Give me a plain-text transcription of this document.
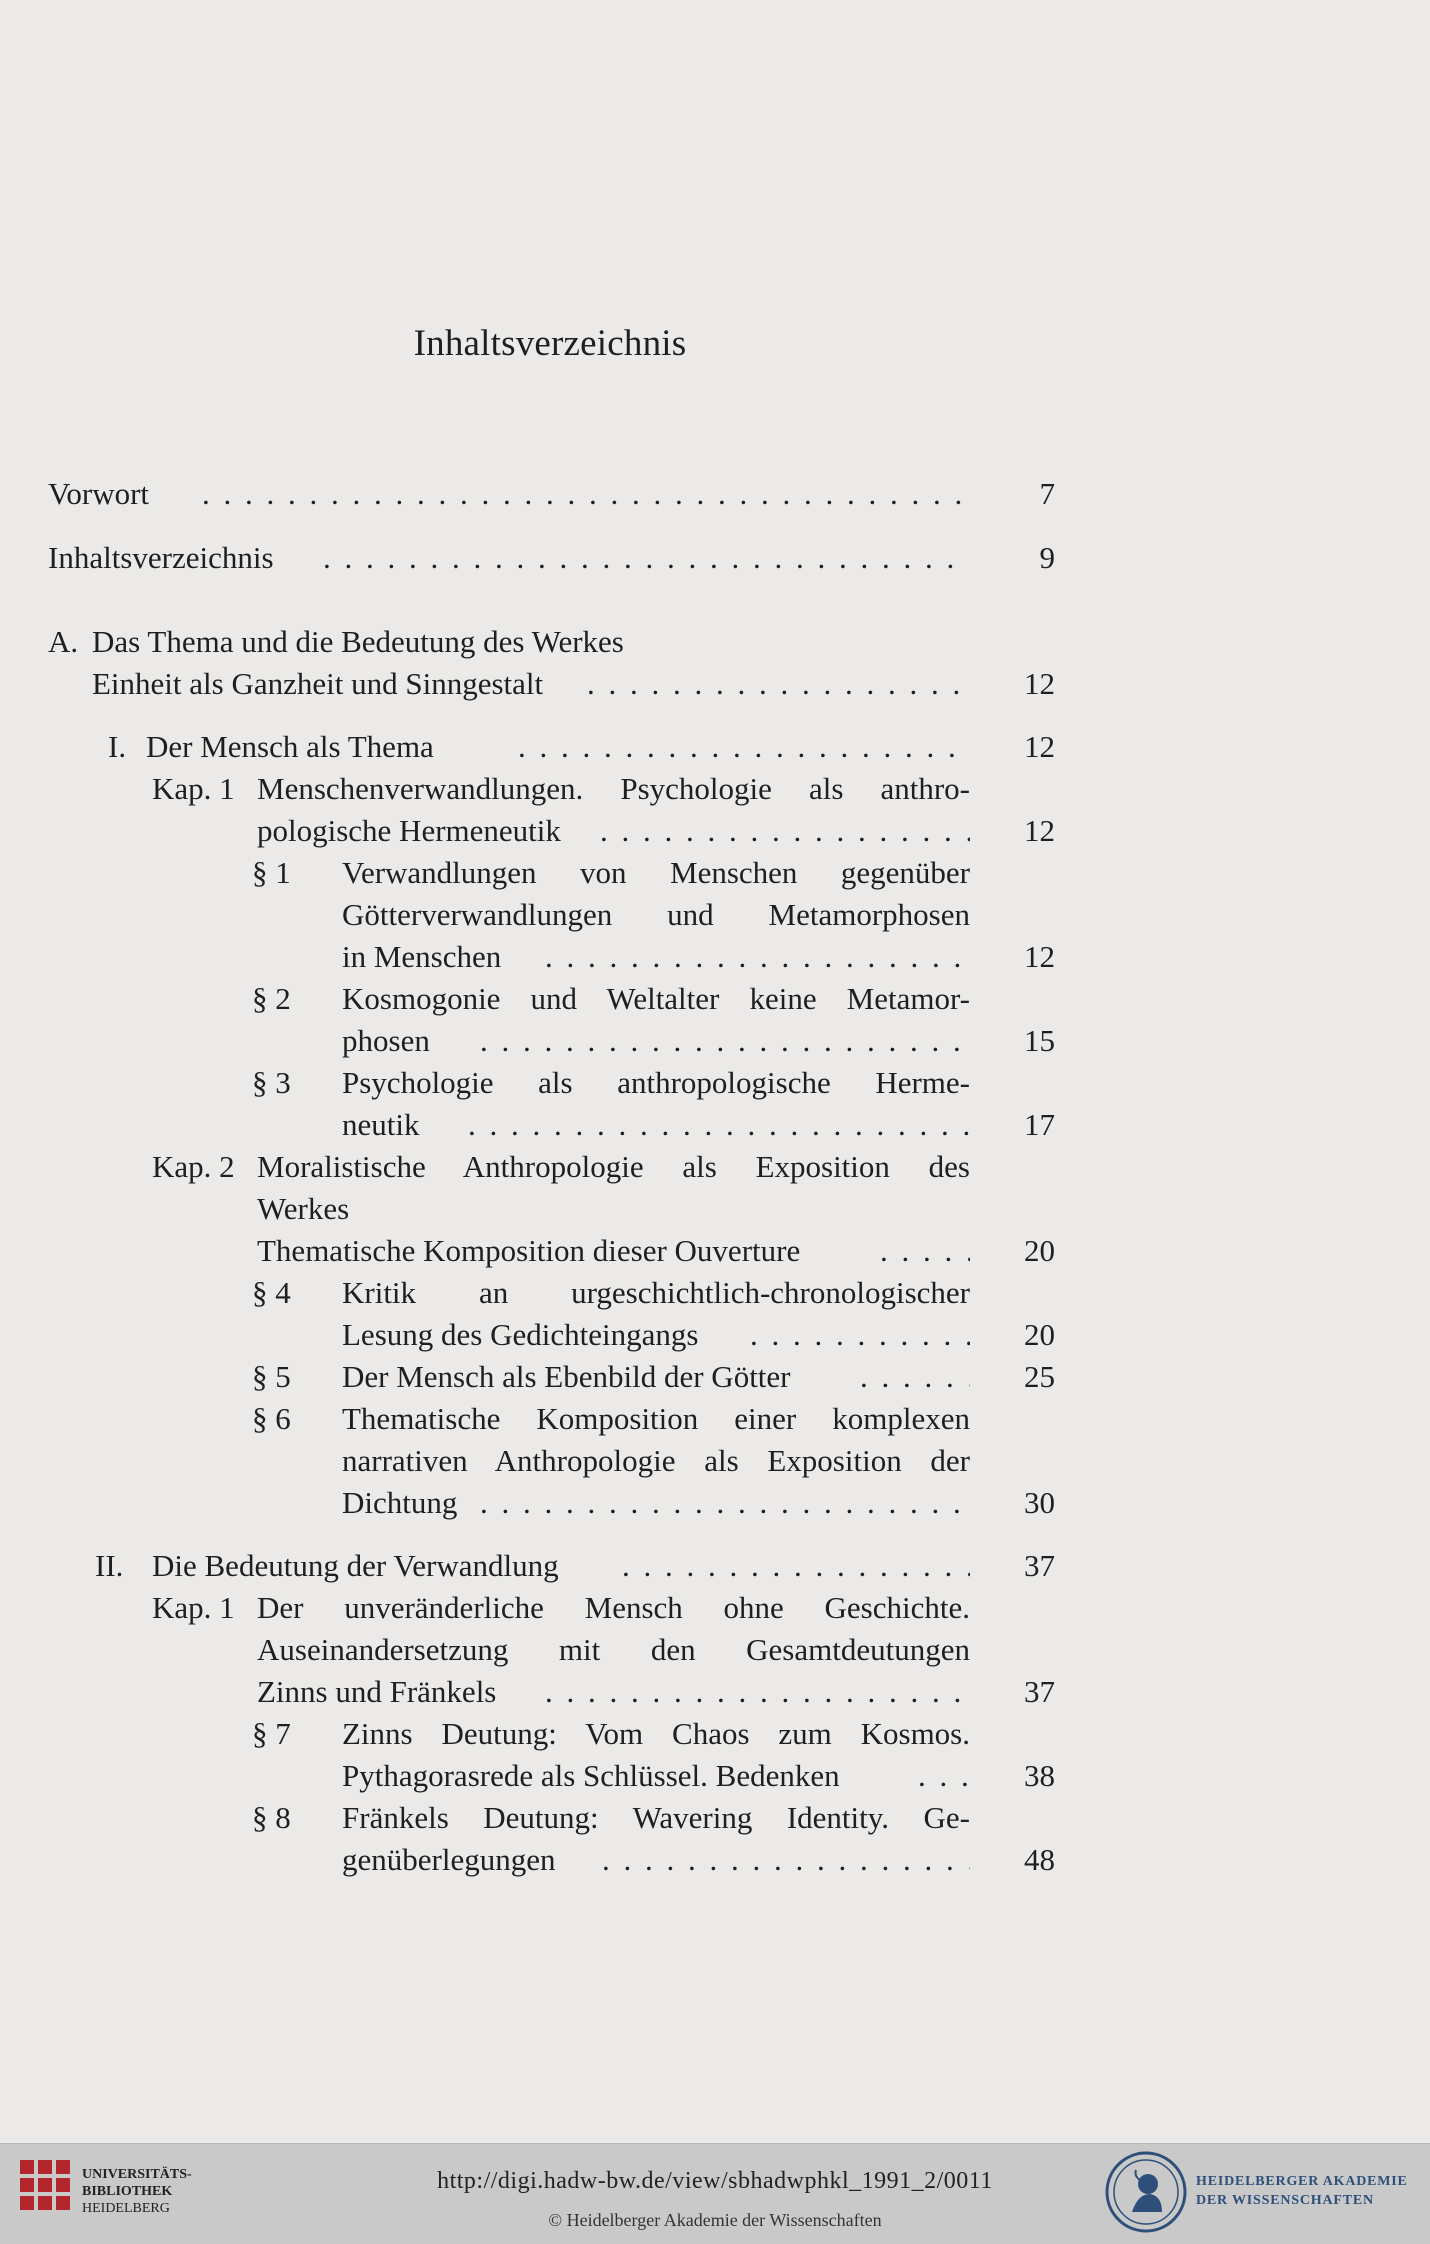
Inhaltsverzeichnis
Vorwort . . .	7
Inhaltsverzeichnis . . .	9
A. Das Thema und die Bedeutung des Werkes
Einheit als Ganzheit und Sinngestalt . . .	12
I. Der Mensch als Thema . . .	12
Kap. 1 Menschenverwandlungen. Psychologie als anthro-
pologische Hermeneutik . . .	12
§ 1 Verwandlungen von Menschen gegenüber
Götterverwandlungen und Metamorphosen
in Menschen . . .	12
§ 2 Kosmogonie und Weltalter keine Metamor-
phosen . . .	15
§ 3 Psychologie als anthropologische Herme-
neutik . . .	17
Kap. 2 Moralistische Anthropologie als Exposition des
Werkes
Thematische Komposition dieser Ouverture . . .	20
§ 4 Kritik an urgeschichtlich-chronologischer
Lesung des Gedichteingangs . . .	20
§ 5 Der Mensch als Ebenbild der Götter . . .	25
§ 6 Thematische Komposition einer komplexen
narrativen Anthropologie als Exposition der
Dichtung . . .	30
II. Die Bedeutung der Verwandlung . . .	37
Kap. 1 Der unveränderliche Mensch ohne Geschichte.
Auseinandersetzung mit den Gesamtdeutungen
Zinns und Fränkels . . .	37
§ 7 Zinns Deutung: Vom Chaos zum Kosmos.
Pythagorasrede als Schlüssel. Bedenken . . .	38
§ 8 Fränkels Deutung: Wavering Identity. Ge-
genüberlegungen . . .	48
UNIVERSITÄTS-
BIBLIOTHEK
HEIDELBERG
http://digi.hadw-bw.de/view/sbhadwphkl_1991_2/0011
© Heidelberger Akademie der Wissenschaften
HEIDELBERGER AKADEMIE
DER WISSENSCHAFTEN
